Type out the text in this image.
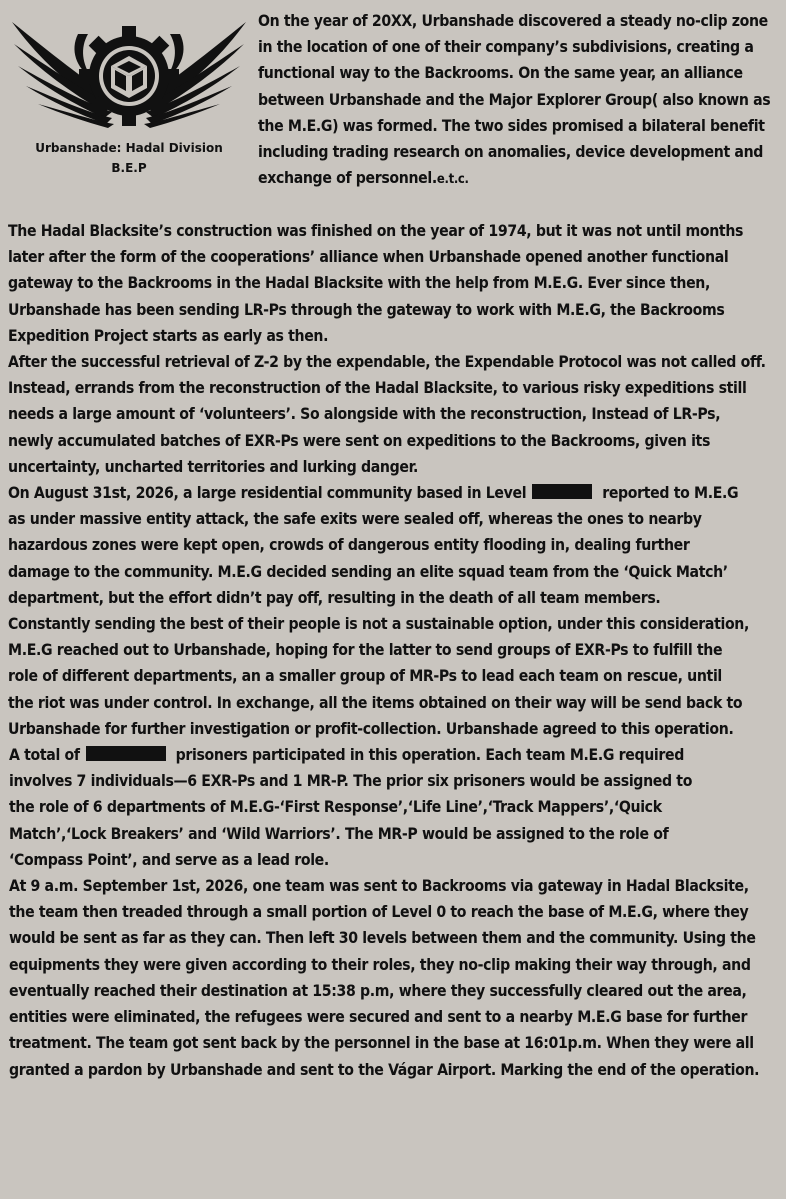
Urbanshade: Hadal Division
B.E.P
On the year of 20XX, Urbanshade discovered a steady no-clip zone
in the location of one of their company’s subdivisions, creating a
functional way to the Backrooms. On the same year, an alliance
between Urbanshade and the Major Explorer Group( also known as
the M.E.G) was formed. The two sides promised a bilateral benefit
including trading research on anomalies, device development and
exchange of personnel.e.t.c.
The Hadal Blacksite’s construction was finished on the year of 1974, but it was not until months
later after the form of the cooperations’ alliance when Urbanshade opened another functional
gateway to the Backrooms in the Hadal Blacksite with the help from M.E.G. Ever since then,
Urbanshade has been sending LR-Ps through the gateway to work with M.E.G, the Backrooms
Expedition Project starts as early as then.
After the successful retrieval of Z-2 by the expendable, the Expendable Protocol was not called off.
Instead, errands from the reconstruction of the Hadal Blacksite, to various risky expeditions still
needs a large amount of ‘volunteers’. So alongside with the reconstruction, Instead of LR-Ps,
newly accumulated batches of EXR-Ps were sent on expeditions to the Backrooms, given its
uncertainty, uncharted territories and lurking danger.
On August 31st, 2026, a large residential community based in Level	reported to M.E.G
as under massive entity attack, the safe exits were sealed off, whereas the ones to nearby
hazardous zones were kept open, crowds of dangerous entity flooding in, dealing further
damage to the community. M.E.G decided sending an elite squad team from the ‘Quick Match’
department, but the effort didn’t pay off, resulting in the death of all team members.
Constantly sending the best of their people is not a sustainable option, under this consideration,
M.E.G reached out to Urbanshade, hoping for the latter to send groups of EXR-Ps to fulfill the
role of different departments, an a smaller group of MR-Ps to lead each team on rescue, until
the riot was under control. In exchange, all the items obtained on their way will be send back to
Urbanshade for further investigation or profit-collection. Urbanshade agreed to this operation.
A total of	prisoners participated in this operation. Each team M.E.G required
involves 7 individuals—6 EXR-Ps and 1 MR-P. The prior six prisoners would be assigned to
the role of 6 departments of M.E.G-‘First Response’,‘Life Line’,‘Track Mappers’,‘Quick
Match’,‘Lock Breakers’ and ‘Wild Warriors’. The MR-P would be assigned to the role of
‘Compass Point’, and serve as a lead role.
At 9 a.m. September 1st, 2026, one team was sent to Backrooms via gateway in Hadal Blacksite,
the team then treaded through a small portion of Level 0 to reach the base of M.E.G, where they
would be sent as far as they can. Then left 30 levels between them and the community. Using the
equipments they were given according to their roles, they no-clip making their way through, and
eventually reached their destination at 15:38 p.m, where they successfully cleared out the area,
entities were eliminated, the refugees were secured and sent to a nearby M.E.G base for further
treatment. The team got sent back by the personnel in the base at 16:01p.m. When they were all
granted a pardon by Urbanshade and sent to the Vágar Airport. Marking the end of the operation.
